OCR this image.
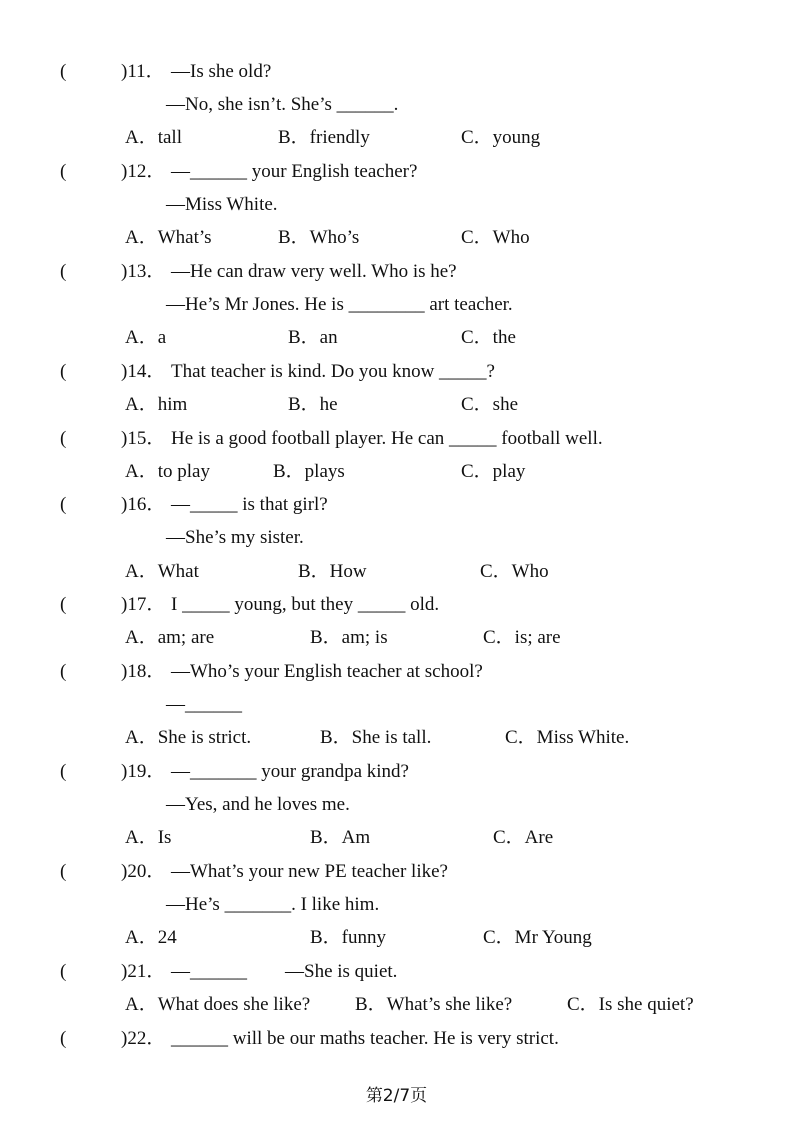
(	)11． —Is she old?
—No, she isn’t. She’s ______.
A．tall	B．friendly	C．young
(	)12． —______ your English teacher?
—Miss White.
A．What’s	B．Who’s	C．Who
(	)13． —He can draw very well. Who is he?
—He’s Mr Jones. He is ________ art teacher.
A．a	B．an	C．the
(	)14． That teacher is kind. Do you know _____?
A．him	B．he	C．she
(	)15． He is a good football player. He can _____ football well.
A．to play	B．plays	C．play
(	)16． —_____ is that girl?
—She’s my sister.
A．What	B．How	C．Who
(	)17． I _____ young, but they _____ old.
A．am; are	B．am; is	C．is; are
(	)18． —Who’s your English teacher at school?
—______
A．She is strict.	B．She is tall.	C．Miss White.
(	)19． —_______ your grandpa kind?
—Yes, and he loves me.
A．Is	B．Am	C．Are
(	)20． —What’s your new PE teacher like?
—He’s _______. I like him.
A．24	B．funny	C．Mr Young
(	)21． —______        —She is quiet.
A．What does she like? B．What’s she like?	C．Is she quiet?
(	)22． ______ will be our maths teacher. He is very strict.
第2/7页
